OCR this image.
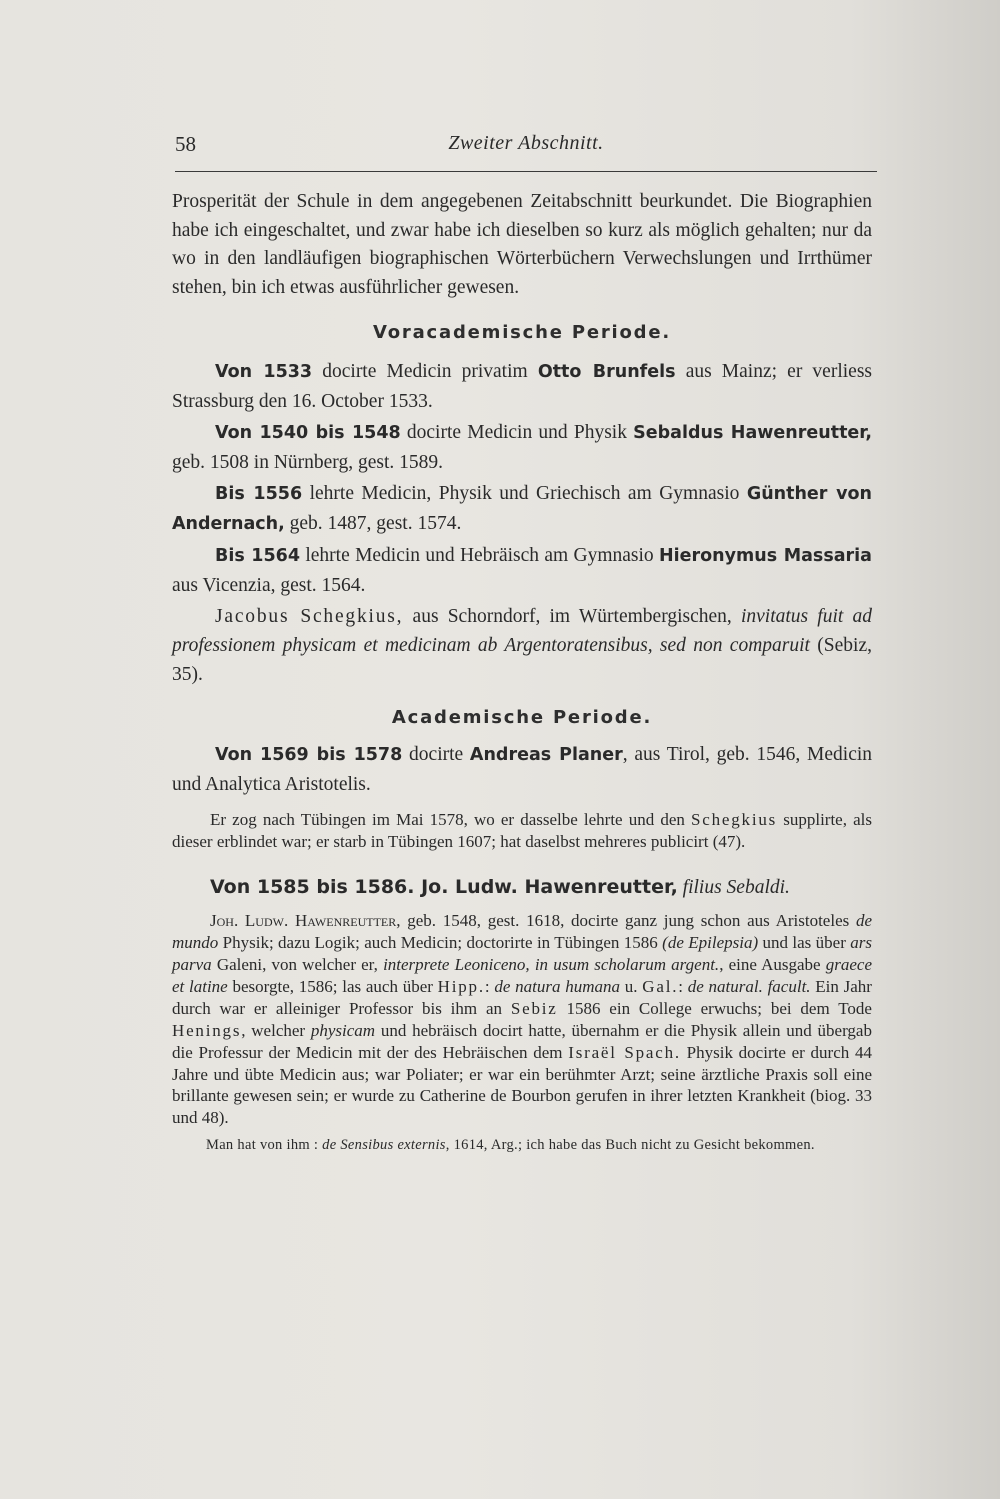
58	Zweiter Abschnitt.

Prosperität der Schule in dem angegebenen Zeitabschnitt beurkundet. Die Biographien habe ich eingeschaltet, und zwar habe ich dieselben so kurz als möglich gehalten; nur da wo in den landläufigen biographischen Wörterbüchern Verwechslungen und Irrthümer stehen, bin ich etwas ausführlicher gewesen.

Voracademische Periode.

Von 1533 docirte Medicin privatim Otto Brunfels aus Mainz; er verliess Strassburg den 16. October 1533.

Von 1540 bis 1548 docirte Medicin und Physik Sebaldus Hawenreutter, geb. 1508 in Nürnberg, gest. 1589.

Bis 1556 lehrte Medicin, Physik und Griechisch am Gymnasio Günther von Andernach, geb. 1487, gest. 1574.

Bis 1564 lehrte Medicin und Hebräisch am Gymnasio Hieronymus Massaria aus Vicenzia, gest. 1564.

Jacobus Schegkius, aus Schorndorf, im Würtembergischen, invitatus fuit ad professionem physicam et medicinam ab Argentoratensibus, sed non comparuit (Sebiz, 35).

Academische Periode.

Von 1569 bis 1578 docirte Andreas Planer, aus Tirol, geb. 1546, Medicin und Analytica Aristotelis.

Er zog nach Tübingen im Mai 1578, wo er dasselbe lehrte und den Schegkius supplirte, als dieser erblindet war; er starb in Tübingen 1607; hat daselbst mehreres publicirt (47).

Von 1585 bis 1586. Jo. Ludw. Hawenreutter, filius Sebaldi.

Joh. Ludw. Hawenreutter, geb. 1548, gest. 1618, docirte ganz jung schon aus Aristoteles de mundo Physik; dazu Logik; auch Medicin; doctorirte in Tübingen 1586 (de Epilepsia) und las über ars parva Galeni, von welcher er, interprete Leoniceno, in usum scholarum argent., eine Ausgabe graece et latine besorgte, 1586; las auch über Hipp.: de natura humana u. Gal.: de natural. facult. Ein Jahr durch war er alleiniger Professor bis ihm an Sebiz 1586 ein College erwuchs; bei dem Tode Henings, welcher physicam und hebräisch docirt hatte, übernahm er die Physik allein und übergab die Professur der Medicin mit der des Hebräischen dem Israël Spach. Physik docirte er durch 44 Jahre und übte Medicin aus; war Poliater; er war ein berühmter Arzt; seine ärztliche Praxis soll eine brillante gewesen sein; er wurde zu Catherine de Bourbon gerufen in ihrer letzten Krankheit (biog. 33 und 48).

Man hat von ihm : de Sensibus externis, 1614, Arg.; ich habe das Buch nicht zu Gesicht bekommen.
